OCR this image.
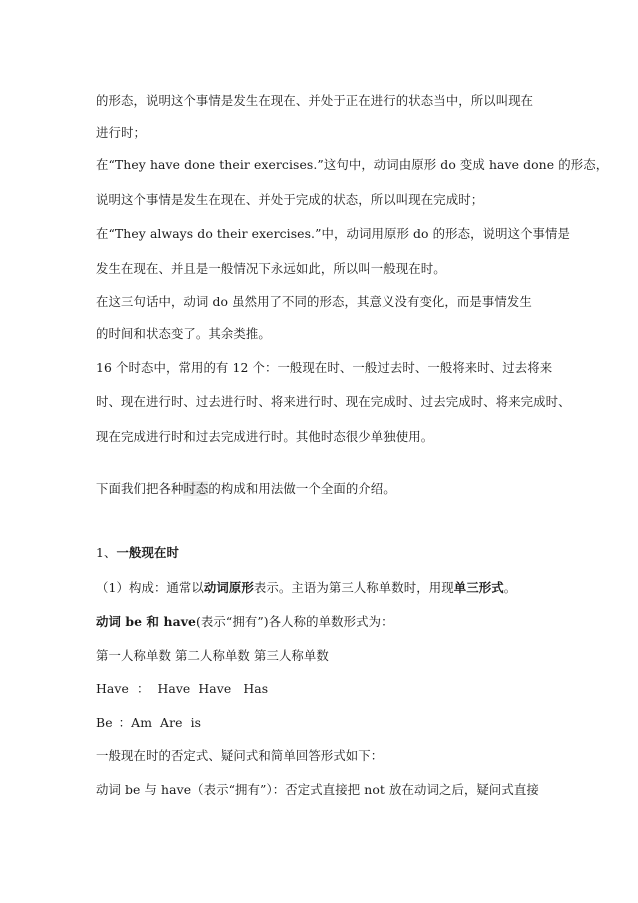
的形态，说明这个事情是发生在现在、并处于正在进行的状态当中，所以叫现在
进行时；
在“They have done their exercises.”这句中，动词由原形 do 变成 have done 的形态，
说明这个事情是发生在现在、并处于完成的状态，所以叫现在完成时；
在“They always do their exercises.”中，动词用原形 do 的形态，说明这个事情是
发生在现在、并且是一般情况下永远如此，所以叫一般现在时。
在这三句话中，动词 do 虽然用了不同的形态，其意义没有变化，而是事情发生
的时间和状态变了。其余类推。
16 个时态中，常用的有 12 个：一般现在时、一般过去时、一般将来时、过去将来
时、现在进行时、过去进行时、将来进行时、现在完成时、过去完成时、将来完成时、
现在完成进行时和过去完成进行时。其他时态很少单独使用。
下面我们把各种时态的构成和用法做一个全面的介绍。
1、一般现在时
（1）构成：通常以动词原形表示。主语为第三人称单数时，用现单三形式。
动词 be 和 have(表示“拥有”)各人称的单数形式为：
第一人称单数 第二人称单数 第三人称单数
Have ： Have Have Has
Be ：Am Are is
一般现在时的否定式、疑问式和简单回答形式如下：
动词 be 与 have（表示“拥有”）：否定式直接把 not 放在动词之后，疑问式直接
